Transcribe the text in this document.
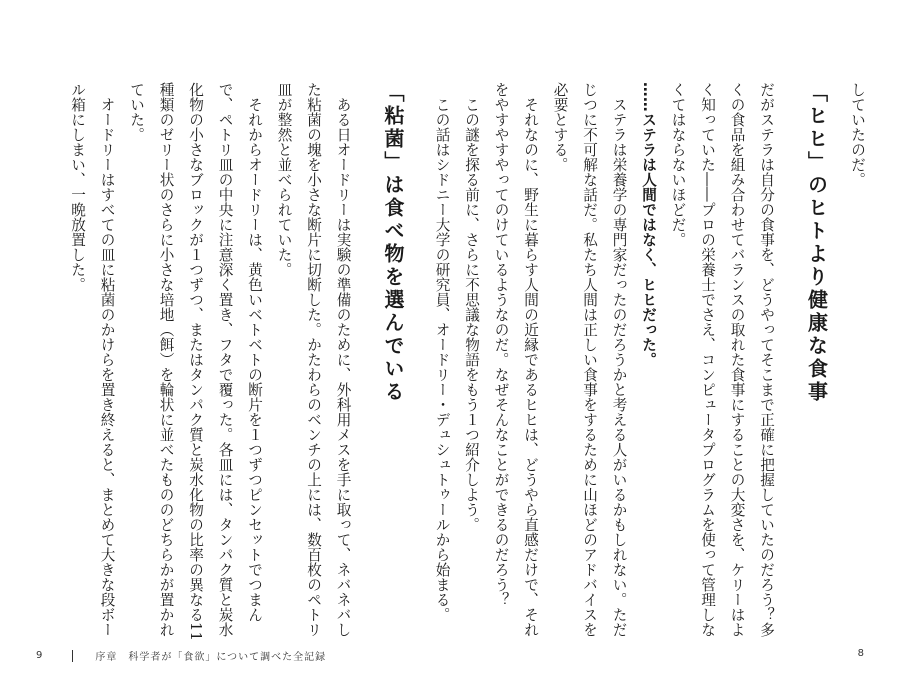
していたのだ。

「ヒヒ」のヒトより健康な食事

だがステラは自分の食事を、どうやってそこまで正確に把握していたのだろう？多くの食品を組み合わせてバランスの取れた食事にすることの大変さを、ケリーはよく知っていた――プロの栄養士でさえ、コンピュータプログラムを使って管理しなくてはならないほどだ。

……ステラは人間ではなく、ヒヒだった。

ステラは栄養学の専門家だったのだろうかと考える人がいるかもしれない。ただ

じつに不可解な話だ。私たち人間は正しい食事をするために山ほどのアドバイスを必要とする。

それなのに、野生に暮らす人間の近縁であるヒヒは、どうやら直感だけで、それをやすやすやってのけているようなのだ。なぜそんなことができるのだろう？

この謎を探る前に、さらに不思議な物語をもう１つ紹介しよう。

この話はシドニー大学の研究員、オードリー・デュシュトゥールから始まる。

「粘菌」は食べ物を選んでいる

ある日オードリーは実験の準備のために、外科用メスを手に取って、ネバネバした粘菌の塊を小さな断片に切断した。かたわらのベンチの上には、数百枚のペトリ皿が整然と並べられていた。

それからオードリーは、黄色いベトベトの断片を１つずつピンセットでつまんで、ペトリ皿の中央に注意深く置き、フタで覆った。各皿には、タンパク質と炭水化物の小さなブロックが１つずつ、またはタンパク質と炭水化物の比率の異なる11種類のゼリー状のさらに小さな培地（餌）を輪状に並べたもののどちらかが置かれていた。

オードリーはすべての皿に粘菌のかけらを置き終えると、まとめて大きな段ボール箱にしまい、一晩放置した。

9	序章　科学者が「食欲」について調べた全記録	8
